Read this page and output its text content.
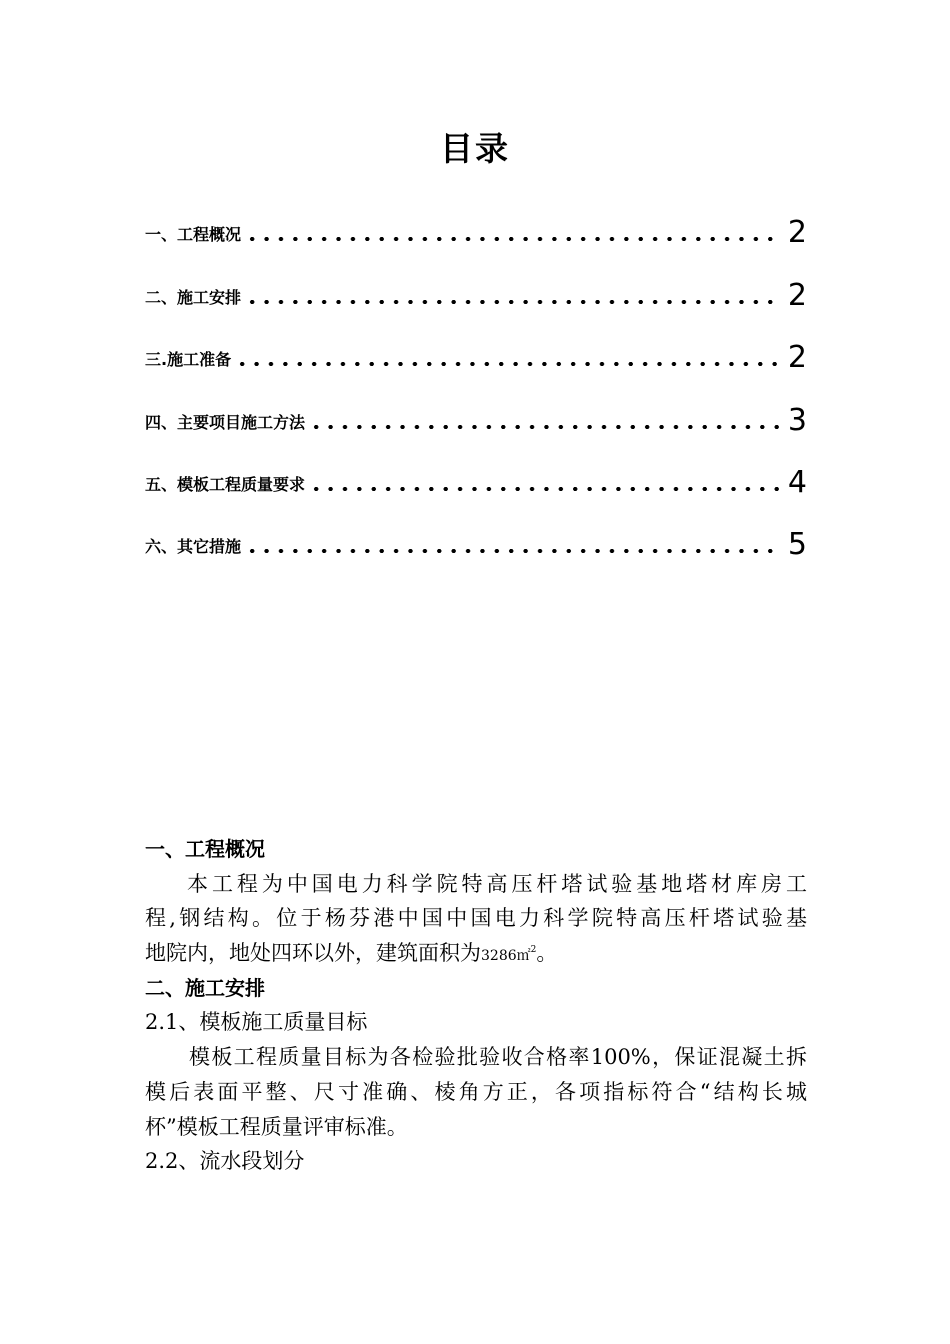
目录
一、工程概况	2
二、施工安排	2
三.施工准备	2
四、主要项目施工方法	3
五、模板工程质量要求	4
六、其它措施	5
一、工程概况
本工程为中国电力科学院特高压杆塔试验基地塔材库房工
程,钢结构。位于杨芬港中国中国电力科学院特高压杆塔试验基
地院内，地处四环以外，建筑面积为3286㎡$^2$。
二、施工安排
2.1、模板施工质量目标
模板工程质量目标为各检验批验收合格率100%，保证混凝土拆
模后表面平整、尺寸准确、棱角方正，各项指标符合“结构长城
杯”模板工程质量评审标准。
2.2、流水段划分
